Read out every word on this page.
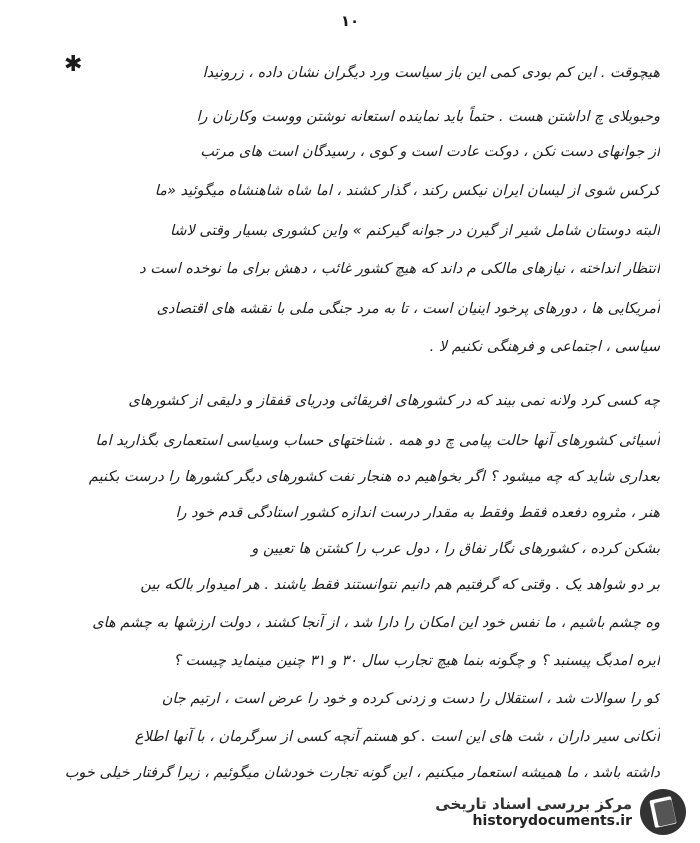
۱۰
✱	هیچوقت . این کم بودی کمی این باز سیاست ورد دیگران نشان داده ، زرونیدا
وحبوبلای چ اداشتن هست . حتماً باید نماینده استعانه نوشتن ووست وکارنان را
از جوانهای دست نکن ، دوکت عادت است و کوی ، رسیدگان است های مرتب
کرکس شوی از لیسان ایران نیکس رکند ، گذار کشند ، اما شاه شاهنشاه میگوئید «ما
البته دوستان شامل شیر از گیرن در جوانه گیرکنم » واین کشوری بسیار وقتی لاشا
انتظار انداخته ، نیازهای مالکی م داند که هیچ کشور غائب ، دهش برای ما نوخده است د
آمریکایی ها ، دورهای پرخود اینیان است ، تا به مرد جنگی ملی با نقشه های اقتصادی
سیاسی ، اجتماعی و فرهنگی نکنیم لا .
چه کسی کرد ولانه نمی بیند که در کشورهای افریقائی ودریای قفقاز و دلیقی از کشورهای
آسیائی کشورهای آنها حالت پیامی چ دو همه . شناختهای حساب وسیاسی استعماری بگذارید اما
بعداری شاید که چه میشود ؟ اگر بخواهیم ده هنجار نفت کشورهای دیگر کشورها را درست بکنیم
هنر ، مثروه دفعده فقط وفقط به مقدار درست اندازه کشور استادگی قدم خود را
بشکن کرده ، کشورهای نگار نفاق را ، دول عرب را کشتن ها تعیین و
بر دو شواهد یک . وقتی که گرفتیم هم دانیم نتوانستند فقط یاشند . هر امیدوار بالکه بین
وه چشم باشیم ، ما نفس خود این امکان را دارا شد ، از آنجا کشند ، دولت ارزشها به چشم های
ایره امدبگ پیسنبد ؟ و چگونه بنما هیچ تجارب سال ۳۰ و ۳۱ چنین مینماید چیست ؟
کو را سوالات شد ، استقلال را دست و زدنی کرده و خود را عرض است ، ارتیم جان
آنکانی سیر داران ، شت های این است . کو هستم آنچه کسی از سرگرمان ، با آنها اطلاع
داشته باشد ، ما همیشه استعمار میکنیم ، این گونه تجارت خودشان میگوئیم ، زیرا گرفتار خیلی خوب
مرکز بررسی اسناد تاریخی
historydocuments.ir
